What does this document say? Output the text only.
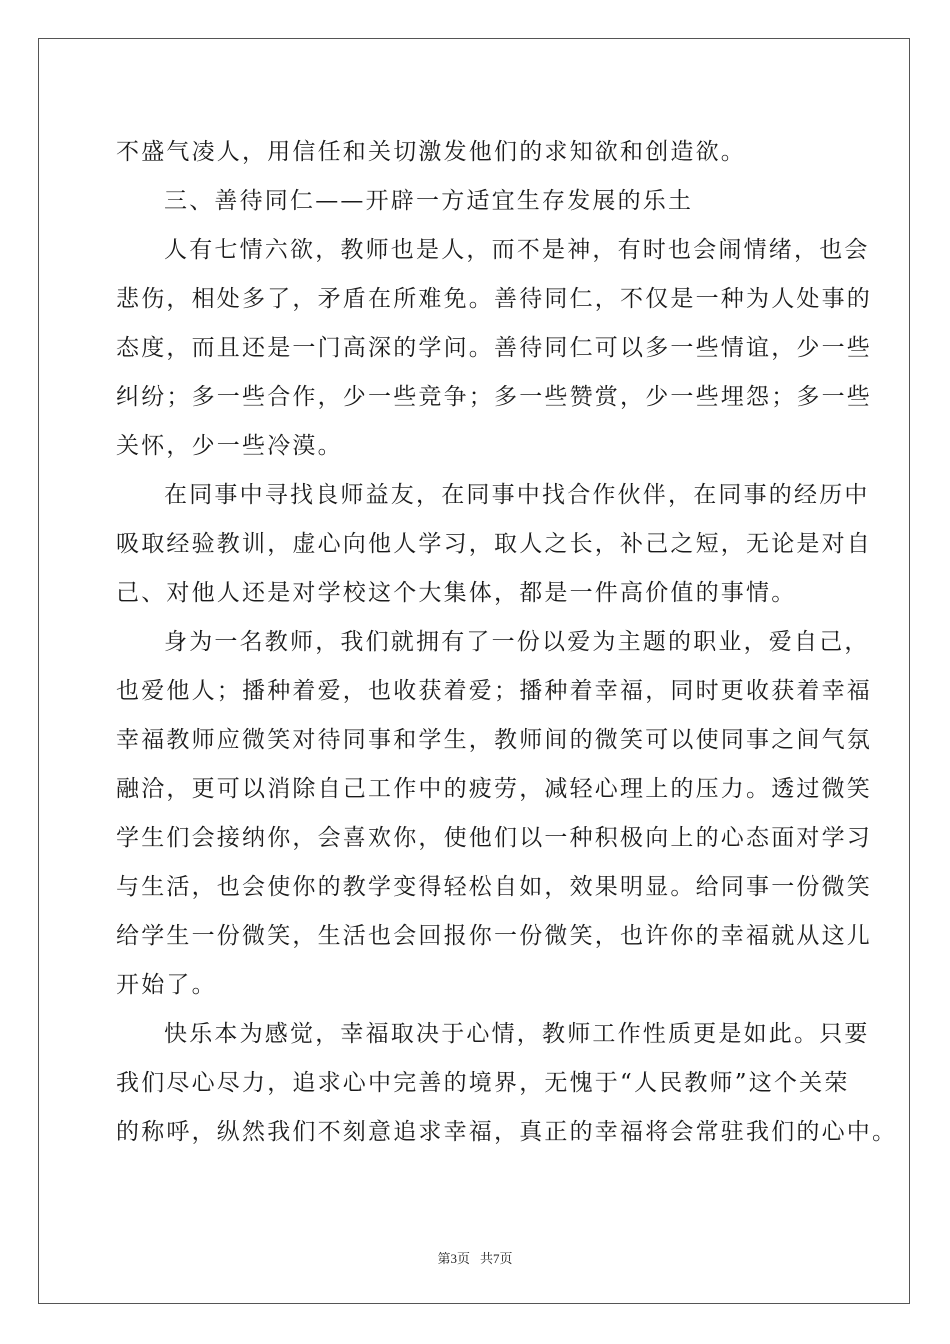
不盛气凌人，用信任和关切激发他们的求知欲和创造欲。
三、善待同仁——开辟一方适宜生存发展的乐土
人有七情六欲，教师也是人，而不是神，有时也会闹情绪，也会
悲伤，相处多了，矛盾在所难免。善待同仁，不仅是一种为人处事的
态度，而且还是一门高深的学问。善待同仁可以多一些情谊，少一些
纠纷；多一些合作，少一些竞争；多一些赞赏，少一些埋怨；多一些
关怀，少一些冷漠。
在同事中寻找良师益友，在同事中找合作伙伴，在同事的经历中
吸取经验教训，虚心向他人学习，取人之长，补己之短，无论是对自
己、对他人还是对学校这个大集体，都是一件高价值的事情。
身为一名教师，我们就拥有了一份以爱为主题的职业，爱自己，
也爱他人；播种着爱，也收获着爱；播种着幸福，同时更收获着幸福
幸福教师应微笑对待同事和学生，教师间的微笑可以使同事之间气氛
融洽，更可以消除自己工作中的疲劳，减轻心理上的压力。透过微笑
学生们会接纳你，会喜欢你，使他们以一种积极向上的心态面对学习
与生活，也会使你的教学变得轻松自如，效果明显。给同事一份微笑
给学生一份微笑，生活也会回报你一份微笑，也许你的幸福就从这儿
开始了。
快乐本为感觉，幸福取决于心情，教师工作性质更是如此。只要
我们尽心尽力，追求心中完善的境界，无愧于“人民教师”这个关荣
的称呼，纵然我们不刻意追求幸福，真正的幸福将会常驻我们的心中。
第3页 共7页
